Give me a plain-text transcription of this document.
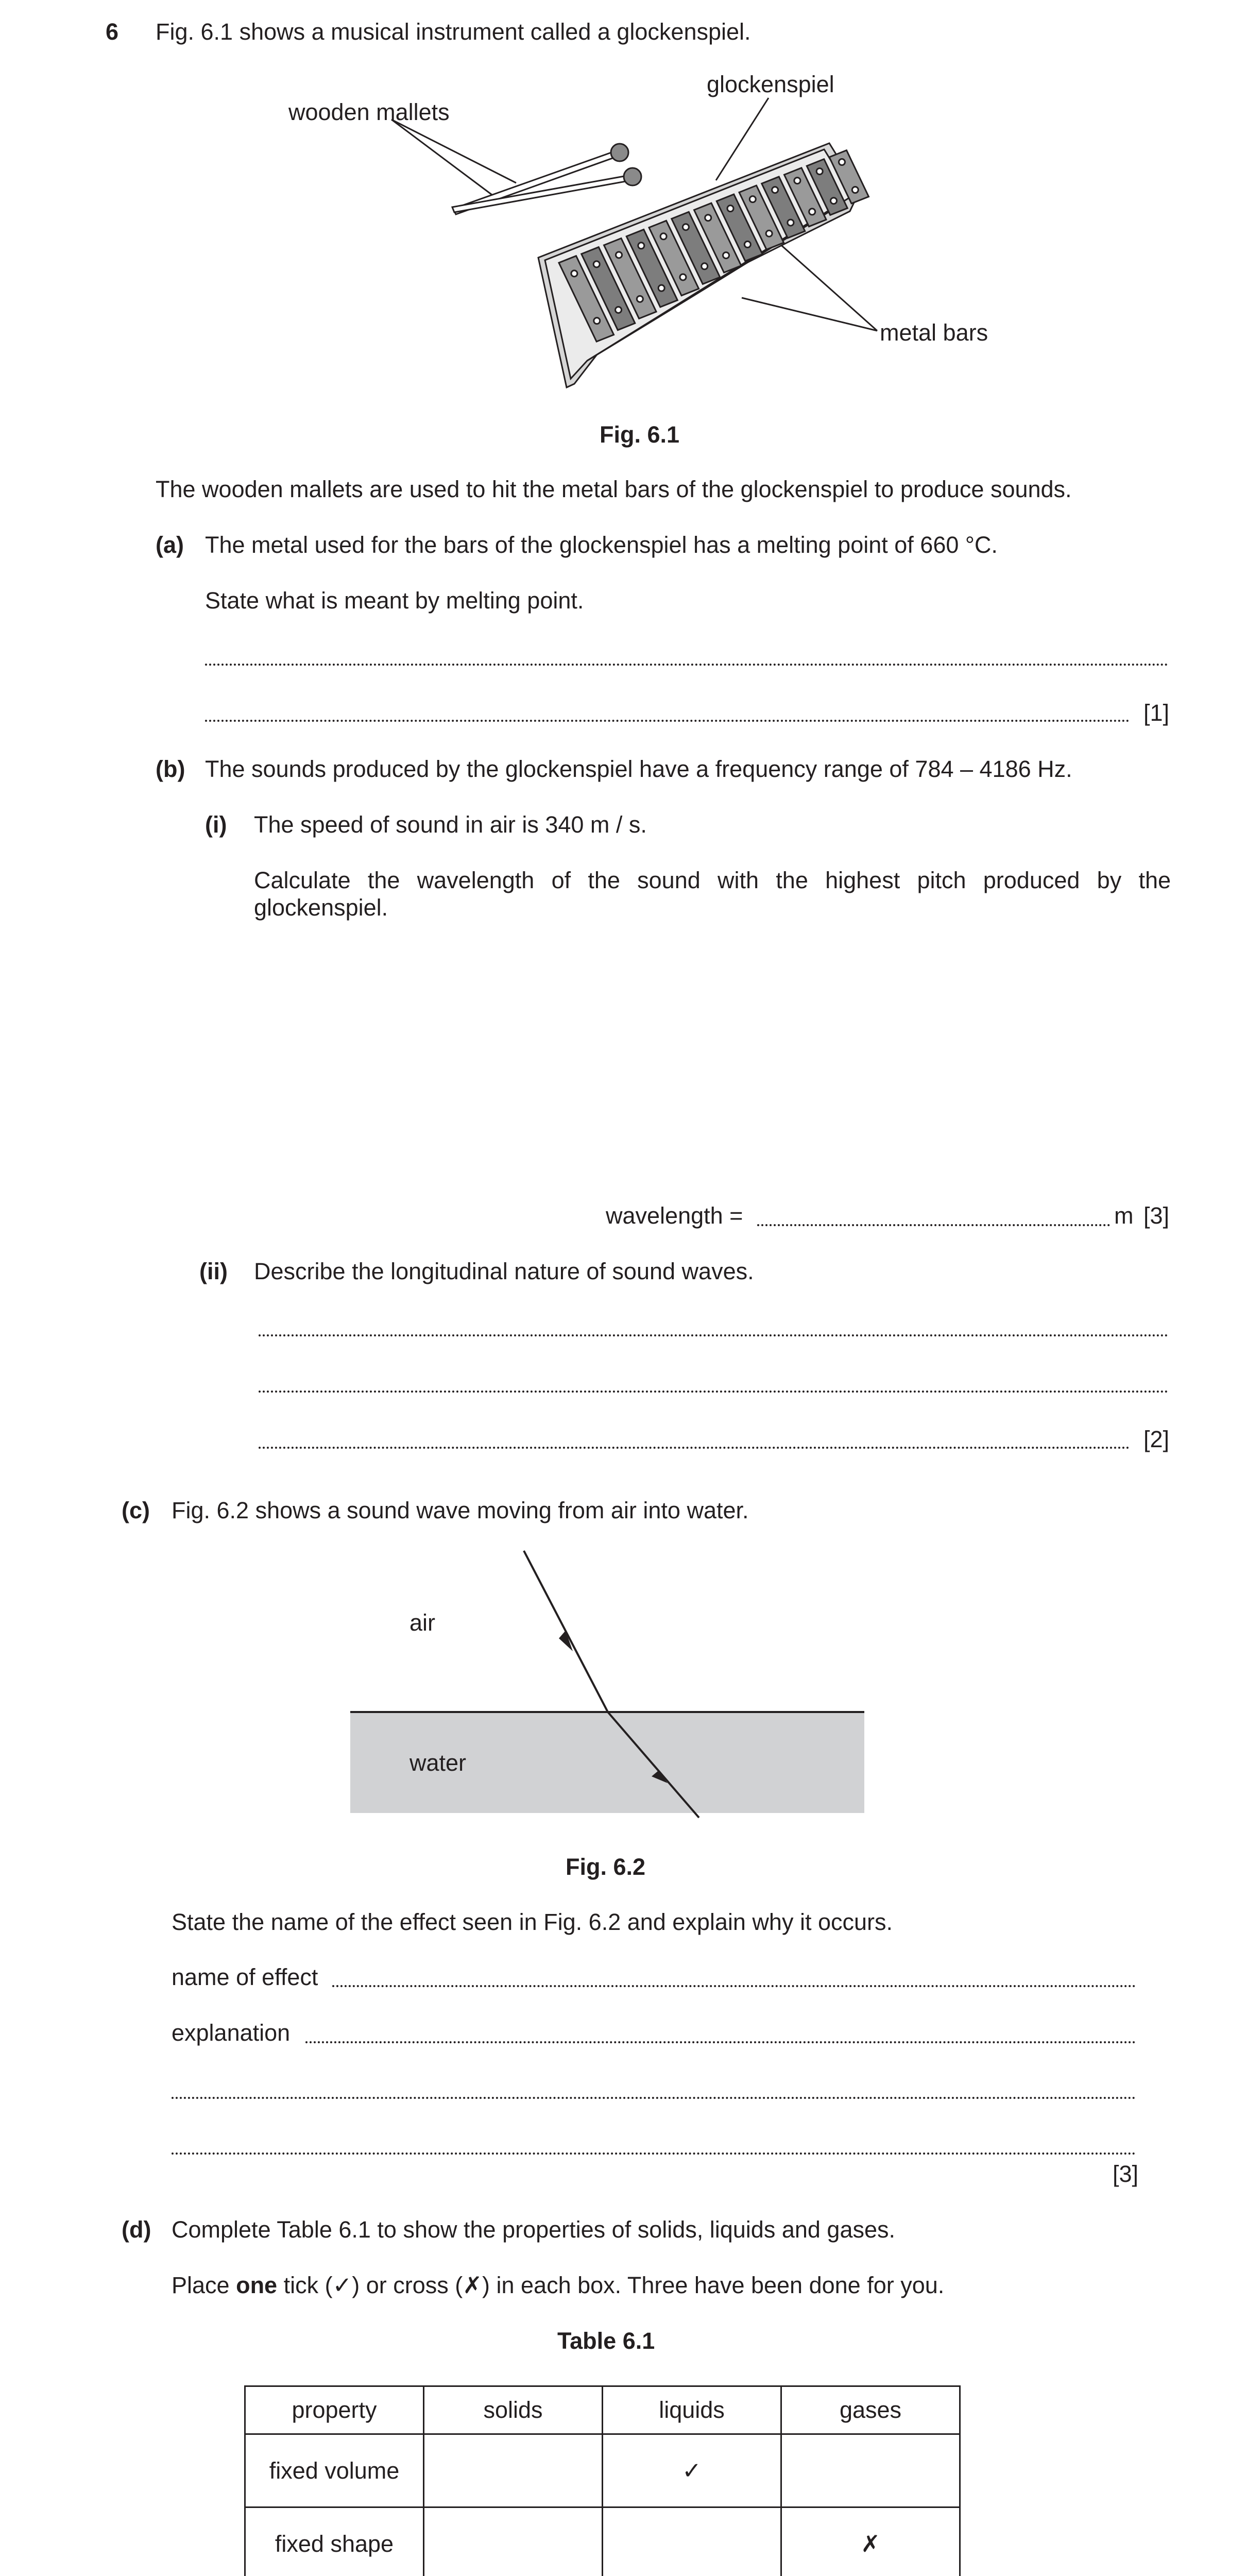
6 Fig. 6.1 shows a musical instrument called a glockenspiel.
wooden mallets
glockenspiel
metal bars
Fig. 6.1
The wooden mallets are used to hit the metal bars of the glockenspiel to produce sounds.
(a) The metal used for the bars of the glockenspiel has a melting point of 660 °C.
State what is meant by melting point.
[1]
(b) The sounds produced by the glockenspiel have a frequency range of 784 – 4186 Hz.
(i) The speed of sound in air is 340 m / s.
Calculate the wavelength of the sound with the highest pitch produced by the
glockenspiel.
wavelength =	m [3]
(ii) Describe the longitudinal nature of sound waves.
[2]
(c) Fig. 6.2 shows a sound wave moving from air into water.
air
water
Fig. 6.2
State the name of the effect seen in Fig. 6.2 and explain why it occurs.
name of effect
explanation
[3]
(d) Complete Table 6.1 to show the properties of solids, liquids and gases.
Place one tick (✓) or cross (✗) in each box. Three have been done for you.
Table 6.1
property	solids	liquids	gases
fixed volume		✓	
fixed shape			✗
